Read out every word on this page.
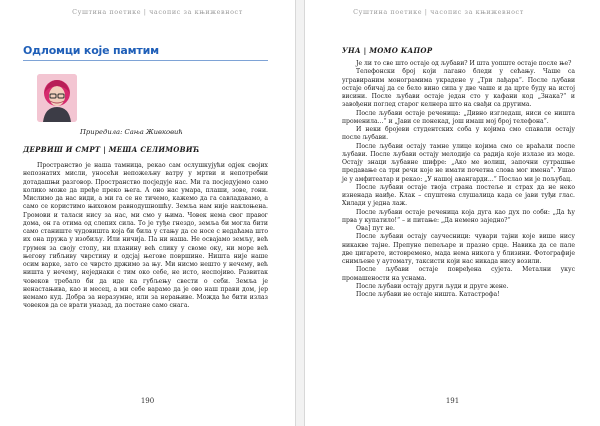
Суштина поетике | часопис за књижевност
Одломци које памтим
Приредила: Сања Живковић
ДЕРВИШ И СМРТ | МЕША СЕЛИМОВИЋ

Пространство је наша тамница, рекао сам ослушкујући одјек својих непознатих мисли, уносећи непожељну ватру у мртви и непотребни дотадашњи разговор. Пространство посједује нас. Ми га посједујемо само колико може да пређе преко њега. А оно нас умара, плаши, зове, гони. Мислимо да нас види, а ми га се не тичемо, кажемо да га савладавамо, а само се користимо њиховом равнодушношћу. Земља нам није наклоњена. Громови и таласи нису за нас, ми смо у њима. Човек нема свог правог дома, он га отима од слепих сила. То је туђе гнездо, земља би могла бити само станиште чудовишта која би била у стању да се носе с недаћама што их она пружа у изобиљу. Или ничија. Па ни наша. Не освајамо земљу, већ грумен за своју стопу, ни планину већ слику у своме оку, ни море већ његову гибљиву чврстину и одсјај његове површине. Ништа није наше осим варке, зато се чврсто држимо за њу. Ми нисмо нешто у нечему, већ ништа у нечему, неједнаки с тим око себе, не исто, неспојиво. Развитак човеков требало би да иде ка губљењу свести о себи. Земља је ненастањива, као и месец, а ми себе варамо да је ово наш прави дом, јер немамо куд. Добра за неразумне, или за нерањиве. Можда ће бити излаз човеков да се врати уназад, да постане само снага.

190
Суштина поетике | часопис за књижевност
УНА | МОМО КАПОР

Је ли то све што остаје од љубави? И шта уопште остаје после ње?

Телефонски број који лагано бледи у сећању. Чаше са угравираним монограмима украдене у „Три лађара“. После љубави остаје обичај да се бело вино сипа у две чаше и да црте буду на истој висини. После љубави остаје један сто у кафани код „Знака?“ и завођени поглед старог келнера што на свађи са другима.

После љубави остаје реченица: „Дивно изгледаш, ниси се ништа променила...“ и „Јави се понекад, још имаш мој број телефона“.

И неки бројеви студентских соба у којима смо спавали остају после љубави.

После љубави остају тамне улице којима смо се враћали после љубави. После љубави остају мелодије са радија које излазе из моде. Остају знаци љубавне шифре: „Ако ме волиш, започни сутрашње предавање са три речи које не имати почетна слова мог имена“. Ушао је у амфитеатар и рекао: „У нашој авангарди...“ Послао ми је пољубац.

После љубави остаје твоја страна постеље и страх да не неко изненада наиђе. Клак – спуштена слушалица када се јави туђи глас. Хилади у једна лаж.

После љубави остаје реченица која дуга као дух по соби: „Да ћу прва у купатило!“ – и питање: „Да немено заједно?“

Ова] пут не.

После љубави остају саучесници: чувари тајни које више нису никакве тајне. Препуне пепељаре и празно срце. Навика да се пале две цигарете, истовремено, мада нема никога у близини. Фотографије снимљене у аутомату, таксисти који нас никада нису возили.

После љубави остаје повређена сујета. Метални укус промашености на уснама.

После љубави остају други људи и друге жене.

После љубави не остаје ништа. Катастрофа!

191
